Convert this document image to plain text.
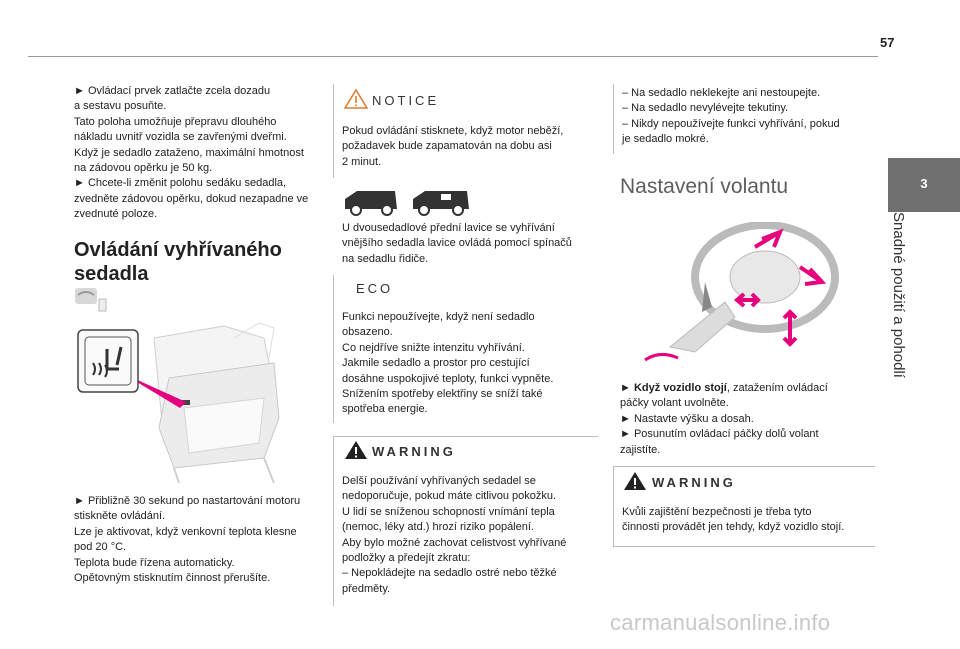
57
3
Snadné použití a pohodlí
► Ovládací prvek zatlačte zcela dozadu
a sestavu posuňte.
Tato poloha umožňuje přepravu dlouhého
nákladu uvnitř vozidla se zavřenými dveřmi.
Když je sedadlo zataženo, maximální hmotnost
na zádovou opěrku je 50 kg.
► Chcete-li změnit polohu sedáku sedadla,
zvedněte zádovou opěrku, dokud nezapadne ve
zvednuté poloze.
Ovládání vyhřívaného
sedadla
► Přibližně 30 sekund po nastartování motoru
stiskněte ovládání.
Lze je aktivovat, když venkovní teplota klesne
pod 20 °C.
Teplota bude řízena automaticky.
Opětovným stisknutím činnost přerušíte.
NOTICE
Pokud ovládání stisknete, když motor neběží,
požadavek bude zapamatován na dobu asi
2 minut.
U dvousedadlové přední lavice se vyhřívání
vnějšího sedadla lavice ovládá pomocí spínačů
na sedadlu řidiče.
ECO
Funkci nepoužívejte, když není sedadlo
obsazeno.
Co nejdříve snižte intenzitu vyhřívání.
Jakmile sedadlo a prostor pro cestující
dosáhne uspokojivé teploty, funkci vypněte.
Snížením spotřeby elektřiny se sníží také
spotřeba energie.
WARNING
Delší používání vyhřívaných sedadel se
nedoporučuje, pokud máte citlivou pokožku.
U lidí se sníženou schopností vnímání tepla
(nemoc, léky atd.) hrozí riziko popálení.
Aby bylo možné zachovat celistvost vyhřívané
podložky a předejít zkratu:
– Nepokládejte na sedadlo ostré nebo těžké
předměty.
– Na sedadlo neklekejte ani nestoupejte.
– Na sedadlo nevylévejte tekutiny.
– Nikdy nepoužívejte funkci vyhřívání, pokud
je sedadlo mokré.
Nastavení volantu
► Když vozidlo stojí, zatažením ovládací
páčky volant uvolněte.
► Nastavte výšku a dosah.
► Posunutím ovládací páčky dolů volant
zajistíte.
WARNING
Kvůli zajištění bezpečnosti je třeba tyto
činnosti provádět jen tehdy, když vozidlo stojí.
carmanualsonline.info
